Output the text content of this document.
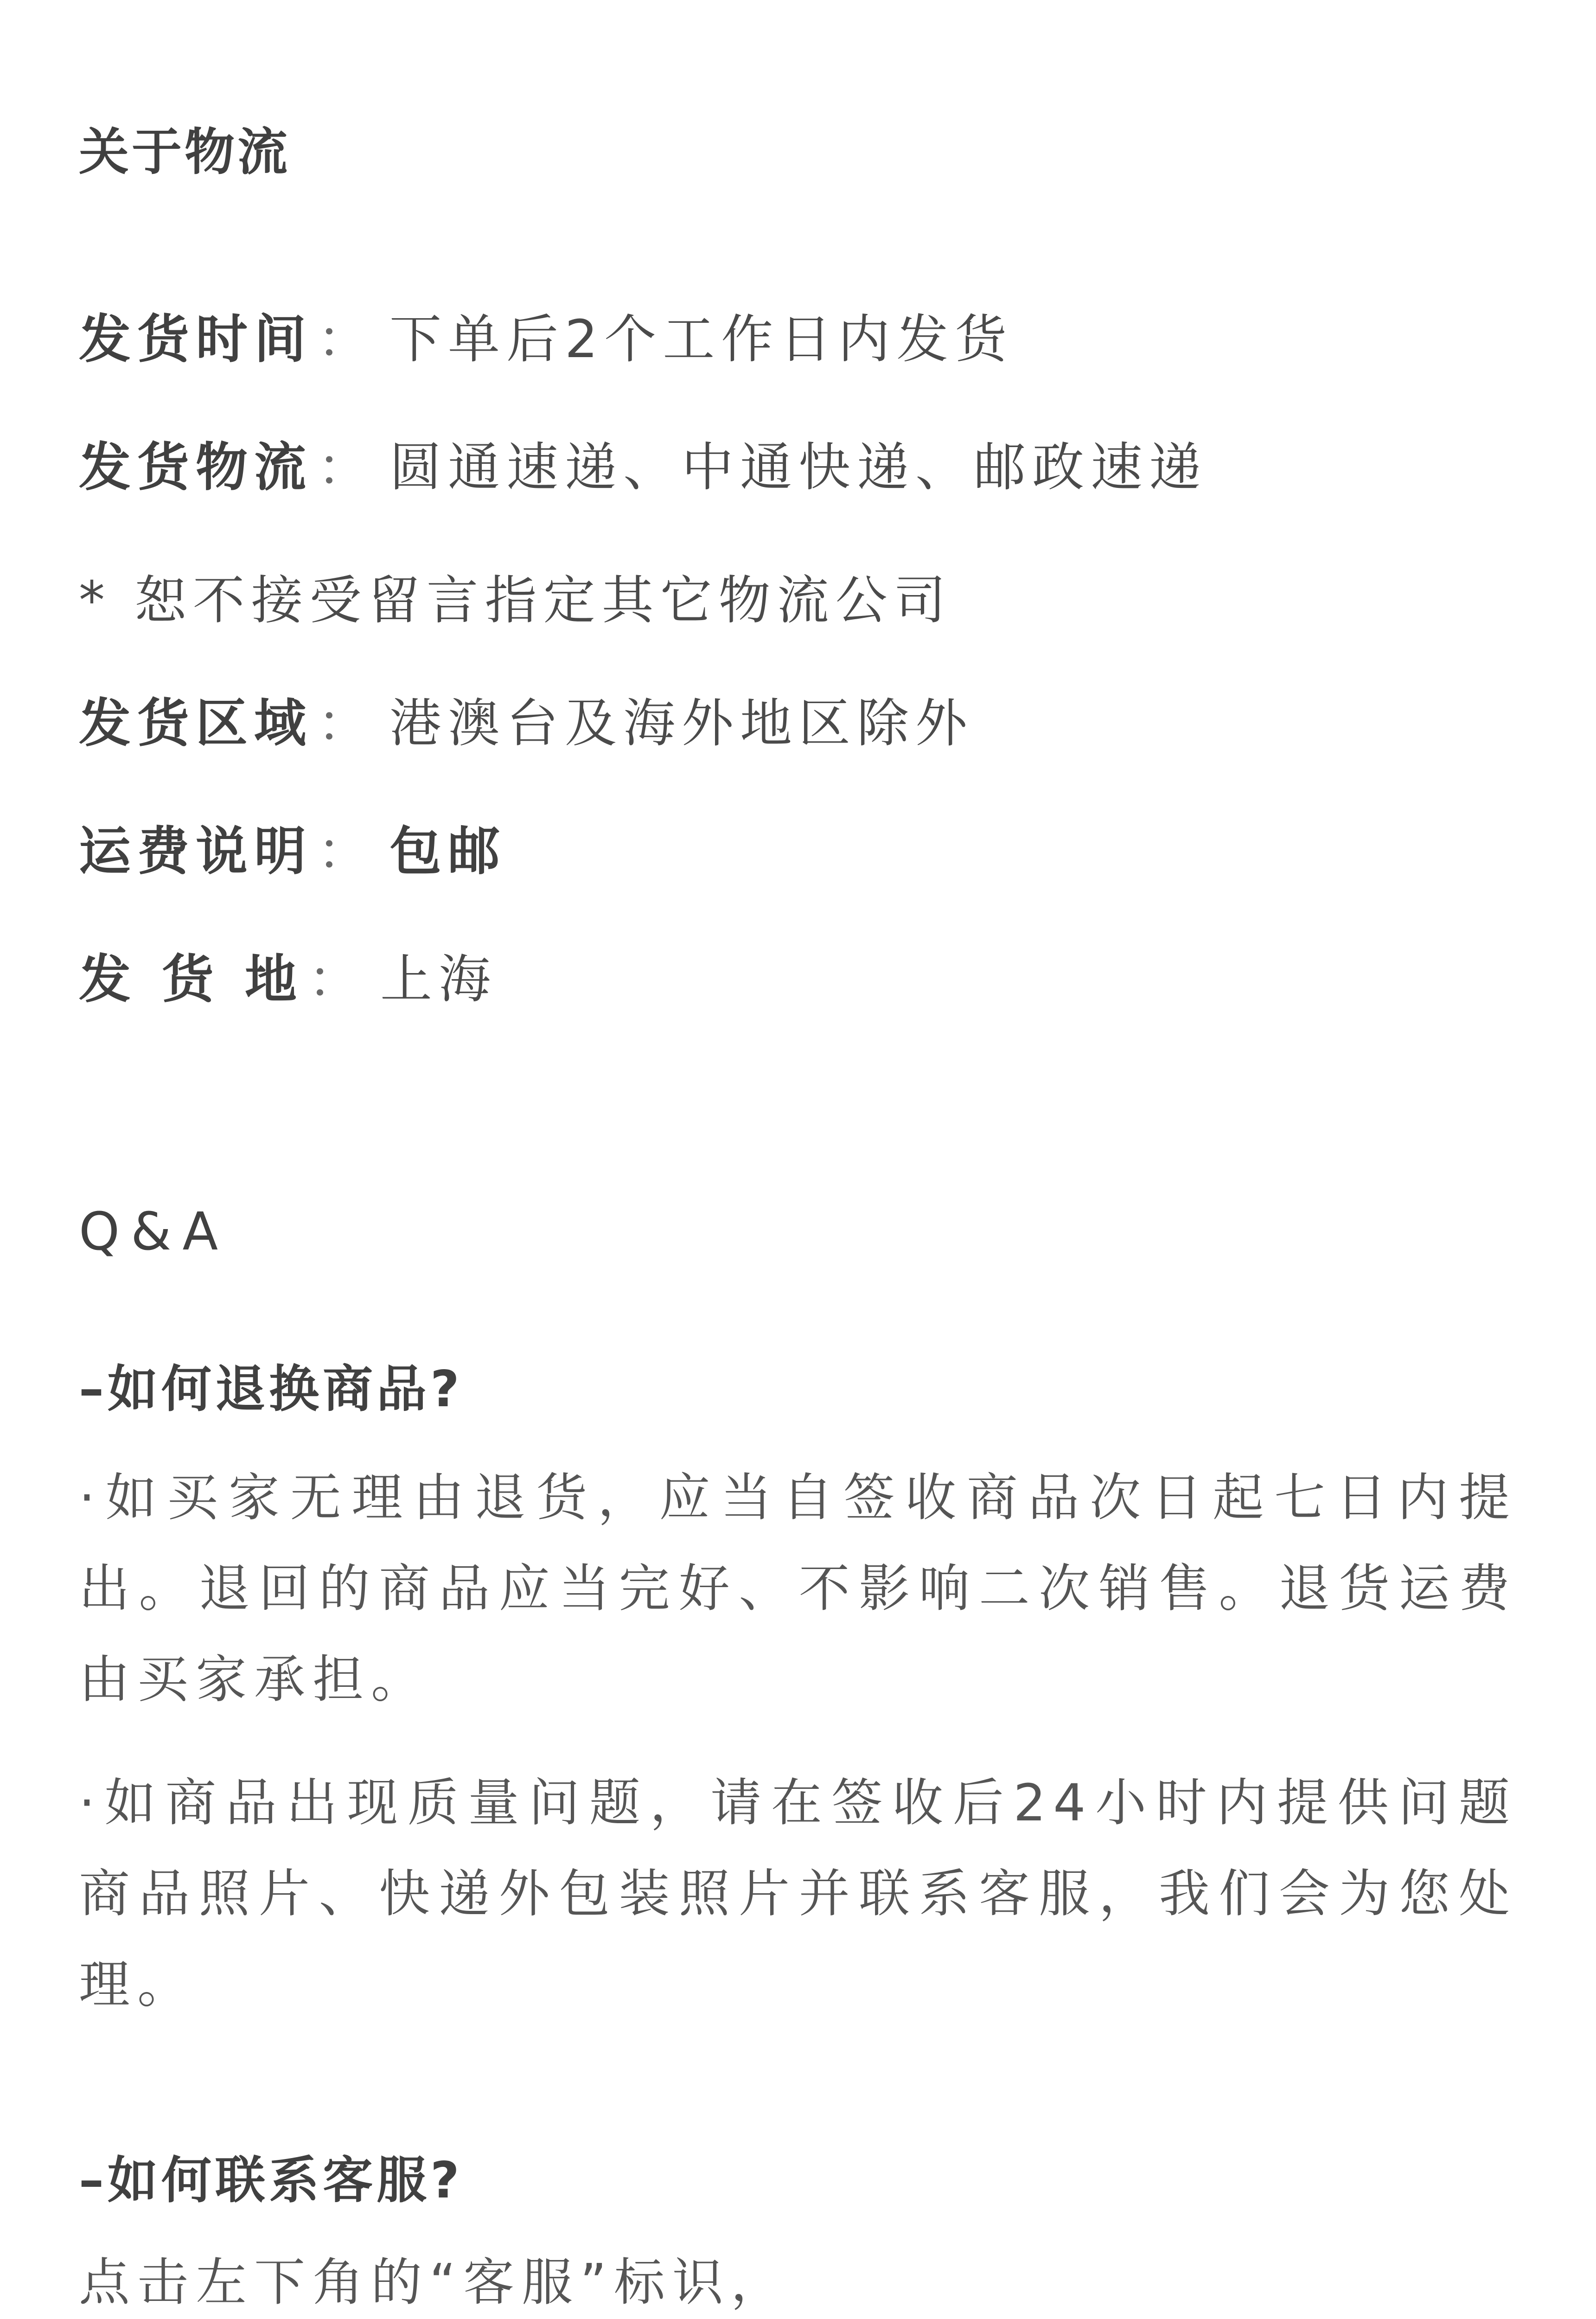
关于物流
发货时间 ： 下单后2个工作日内发货
发货物流 ： 圆通速递、中通快递、邮政速递
* 恕不接受留言指定其它物流公司
发货区域 ： 港澳台及海外地区除外
运费说明 ： 包邮
发 货 地 ： 上海
Q&A
–如何退换商品?
·如买家无理由退货，应当自签收商品次日起七日内提出。退回的商品应当完好、不影响二次销售。退货运费由买家承担。
·如商品出现质量问题，请在签收后24小时内提供问题商品照片、快递外包装照片并联系客服，我们会为您处理。
–如何联系客服?
点击左下角的“客服”标识，
